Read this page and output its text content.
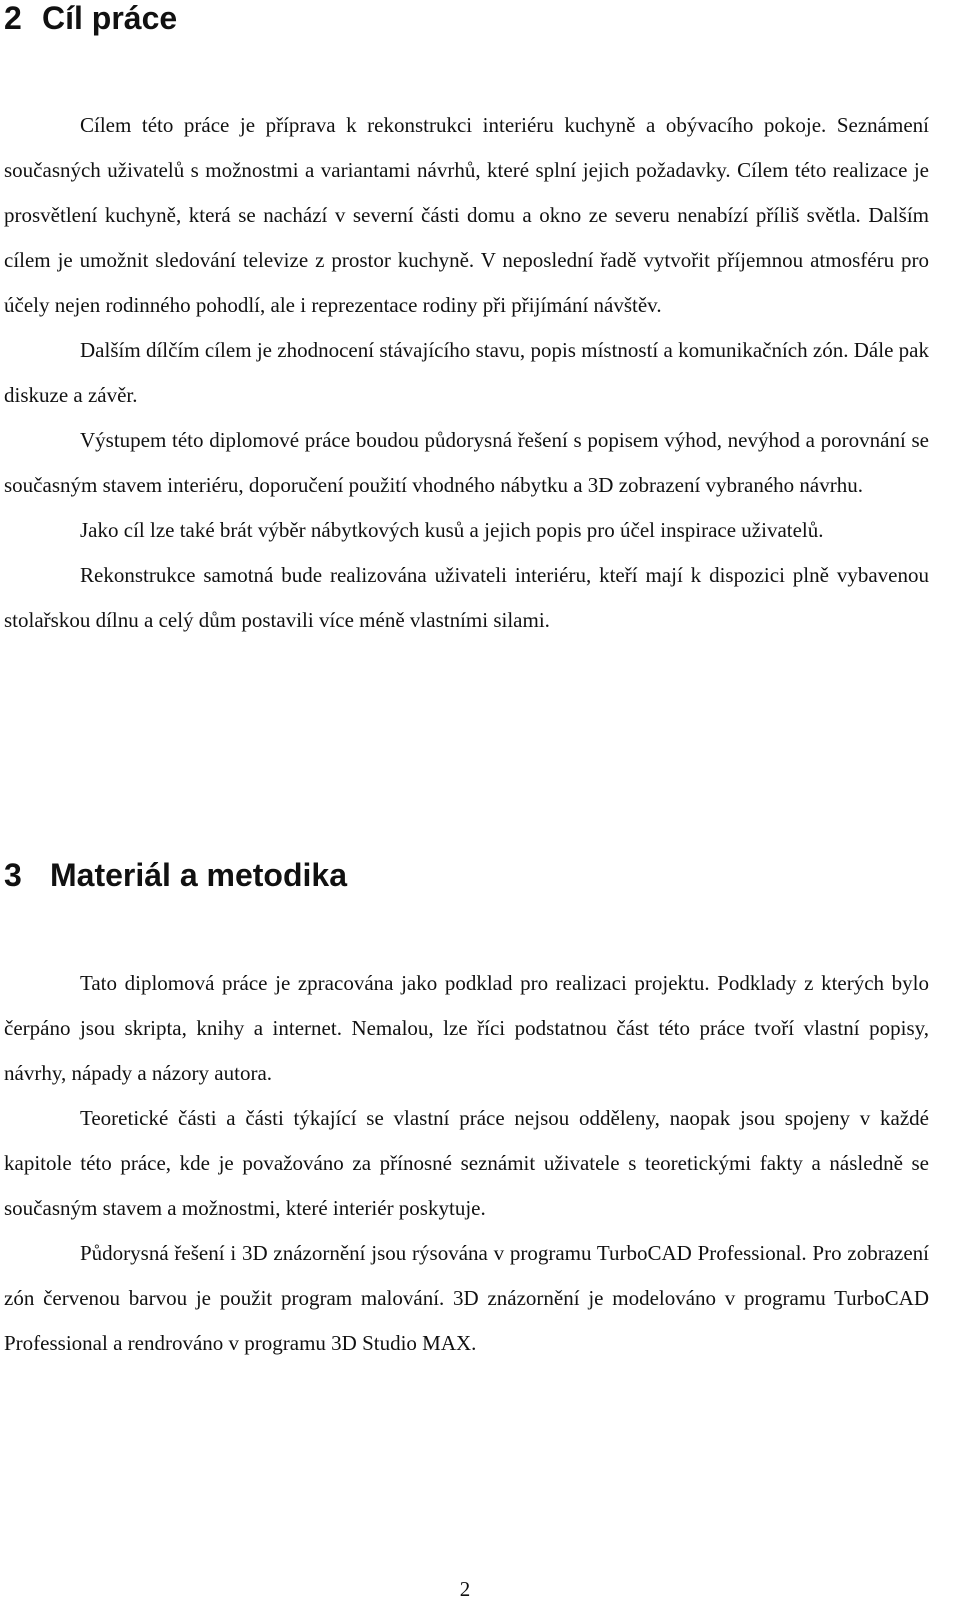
2 Cíl práce

Cílem této práce je příprava k rekonstrukci interiéru kuchyně a obývacího pokoje. Seznámení současných uživatelů s možnostmi a variantami návrhů, které splní jejich požadavky. Cílem této realizace je prosvětlení kuchyně, která se nachází v severní části domu a okno ze severu nenabízí příliš světla. Dalším cílem je umožnit sledování televize z prostor kuchyně. V neposlední řadě vytvořit příjemnou atmosféru pro účely nejen rodinného pohodlí, ale i reprezentace rodiny při přijímání návštěv.

Dalším dílčím cílem je zhodnocení stávajícího stavu, popis místností a komunikačních zón. Dále pak diskuze a závěr.

Výstupem této diplomové práce boudou půdorysná řešení s popisem výhod, nevýhod a porovnání se současným stavem interiéru, doporučení použití vhodného nábytku a 3D zobrazení vybraného návrhu.

Jako cíl lze také brát výběr nábytkových kusů a jejich popis pro účel inspirace uživatelů.

Rekonstrukce samotná bude realizována uživateli interiéru, kteří mají k dispozici plně vybavenou stolařskou dílnu a celý dům postavili více méně vlastními silami.

3 Materiál a metodika

Tato diplomová práce je zpracována jako podklad pro realizaci projektu. Podklady z kterých bylo čerpáno jsou skripta, knihy a internet. Nemalou, lze říci podstatnou část této práce tvoří vlastní popisy, návrhy, nápady a názory autora.

Teoretické části a části týkající se vlastní práce nejsou odděleny, naopak jsou spojeny v každé kapitole této práce, kde je považováno za přínosné seznámit uživatele s teoretickými fakty a následně se současným stavem a možnostmi, které interiér poskytuje.

Půdorysná řešení i 3D znázornění jsou rýsována v programu TurboCAD Professional. Pro zobrazení zón červenou barvou je použit program malování. 3D znázornění je modelováno v programu TurboCAD Professional a rendrováno v programu 3D Studio MAX.

2
